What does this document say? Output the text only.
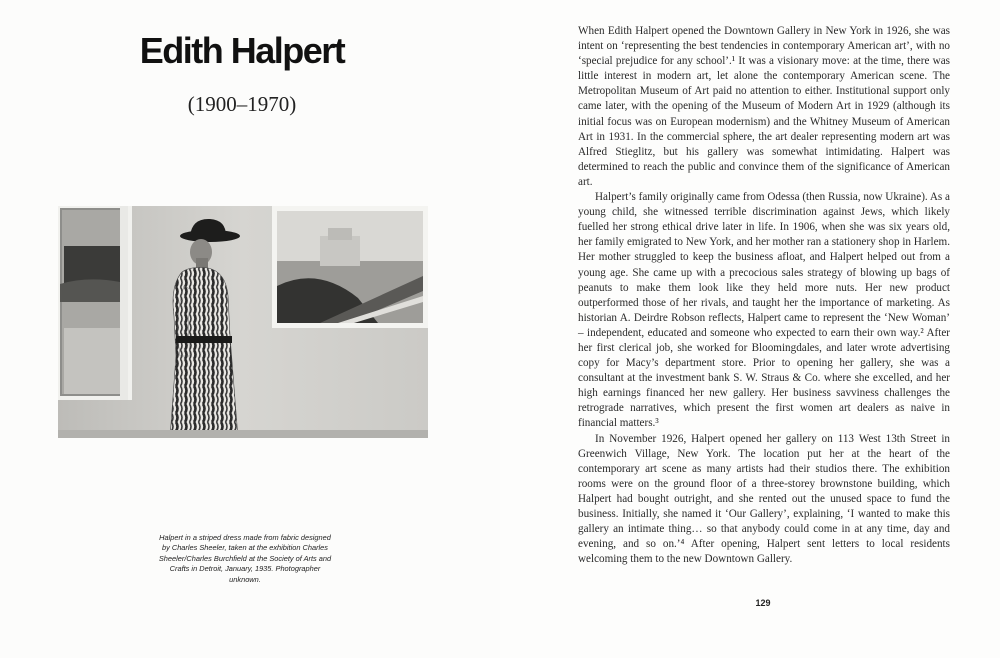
Edith Halpert
(1900–1970)

Halpert in a striped dress made from fabric designed by Charles Sheeler, taken at the exhibition Charles Sheeler/Charles Burchfield at the Society of Arts and Crafts in Detroit, January, 1935. Photographer unknown.

When Edith Halpert opened the Downtown Gallery in New York in 1926, she was intent on ‘representing the best tendencies in contemporary American art’, with no ‘special prejudice for any school’.¹ It was a visionary move: at the time, there was little interest in modern art, let alone the contemporary American scene. The Metropolitan Museum of Art paid no attention to either. Institutional support only came later, with the opening of the Museum of Modern Art in 1929 (although its initial focus was on European modernism) and the Whitney Museum of American Art in 1931. In the commercial sphere, the art dealer representing modern art was Alfred Stieglitz, but his gallery was somewhat intimidating. Halpert was determined to reach the public and convince them of the significance of American art.

Halpert’s family originally came from Odessa (then Russia, now Ukraine). As a young child, she witnessed terrible discrimination against Jews, which likely fuelled her strong ethical drive later in life. In 1906, when she was six years old, her family emigrated to New York, and her mother ran a stationery shop in Harlem. Her mother struggled to keep the business afloat, and Halpert helped out from a young age. She came up with a precocious sales strategy of blowing up bags of peanuts to make them look like they held more nuts. Her new product outperformed those of her rivals, and taught her the importance of marketing. As historian A. Deirdre Robson reflects, Halpert came to represent the ‘New Woman’ – independent, educated and someone who expected to earn their own way.² After her first clerical job, she worked for Bloomingdales, and later wrote advertising copy for Macy’s department store. Prior to opening her gallery, she was a consultant at the investment bank S. W. Straus & Co. where she excelled, and her high earnings financed her new gallery. Her business savviness challenges the retrograde narratives, which present the first women art dealers as naive in financial matters.³

In November 1926, Halpert opened her gallery on 113 West 13th Street in Greenwich Village, New York. The location put her at the heart of the contemporary art scene as many artists had their studios there. The exhibition rooms were on the ground floor of a three-storey brownstone building, which Halpert had bought outright, and she rented out the unused space to fund the business. Initially, she named it ‘Our Gallery’, explaining, ‘I wanted to make this gallery an intimate thing… so that anybody could come in at any time, day and evening, and so on.’⁴ After opening, Halpert sent letters to local residents welcoming them to the new Downtown Gallery.

129
